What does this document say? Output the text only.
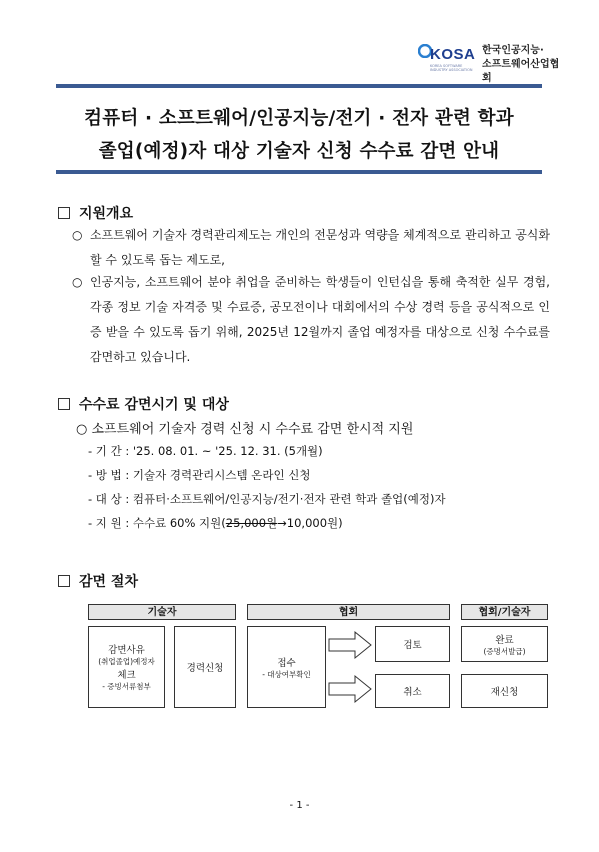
KOSA
KOREA SOFTWARE INDUSTRY ASSOCIATION
한국인공지능·
소프트웨어산업협회
컴퓨터 · 소프트웨어/인공지능/전기 · 전자 관련 학과
졸업(예정)자 대상 기술자 신청 수수료 감면 안내
지원개요
○ 소프트웨어 기술자 경력관리제도는 개인의 전문성과 역량을 체계적으로 관리하고 공식화할 수 있도록 돕는 제도로,
○ 인공지능, 소프트웨어 분야 취업을 준비하는 학생들이 인턴십을 통해 축적한 실무 경험, 각종 정보 기술 자격증 및 수료증, 공모전이나 대회에서의 수상 경력 등을 공식적으로 인증 받을 수 있도록 돕기 위해, 2025년 12월까지 졸업 예정자를 대상으로 신청 수수료를 감면하고 있습니다.
수수료 감면시기 및 대상
○ 소프트웨어 기술자 경력 신청 시 수수료 감면 한시적 지원
- 기 간 : '25. 08. 01. ~ '25. 12. 31. (5개월)
- 방 법 : 기술자 경력관리시스템 온라인 신청
- 대 상 : 컴퓨터·소프트웨어/인공지능/전기·전자 관련 학과 졸업(예정)자
- 지 원 : 수수료 60% 지원(25,000원→10,000원)
감면 절차
기술자	협회	협회/기술자
감면사유
(취업졸업)예정자
체크
- 증빙서류첨부
경력신청	접수
- 대상여부확인
검토
취소
완료
(증명서발급)
재신청
- 1 -
